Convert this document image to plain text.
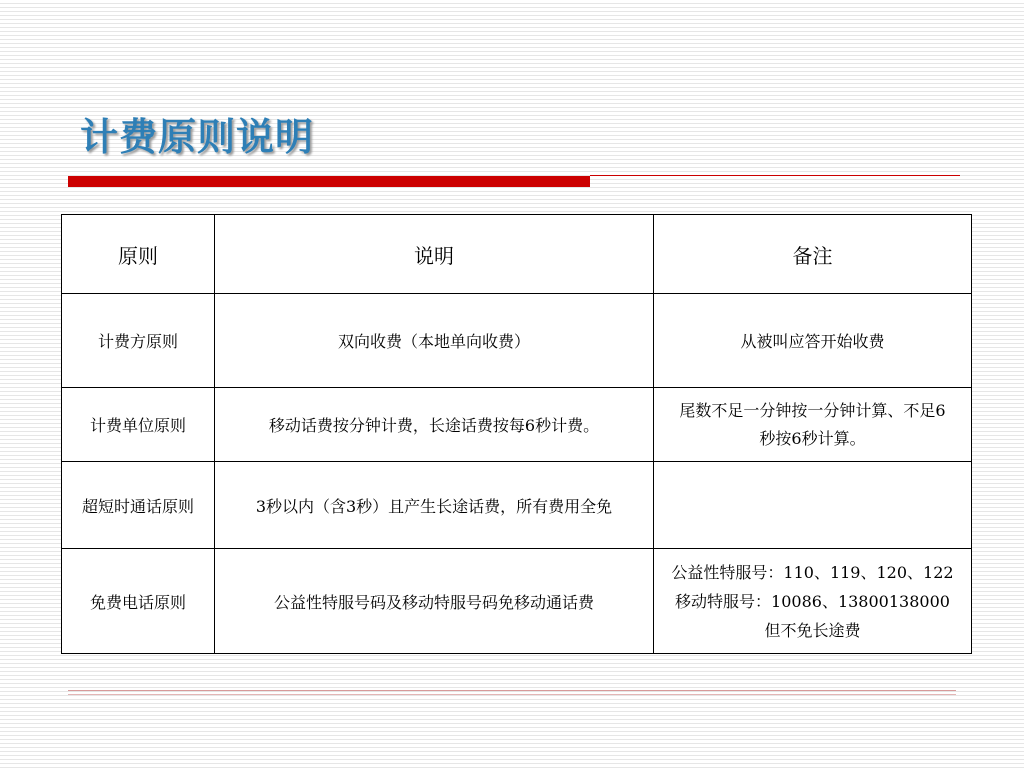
计费原则说明
原则	说明	备注
计费方原则	双向收费（本地单向收费）	从被叫应答开始收费

计费单位原则	移动话费按分钟计费，长途话费按每6秒计费。	尾数不足一分钟按一分钟计算、不足6
秒按6秒计算。

超短时通话原则	3秒以内（含3秒）且产生长途话费，所有费用全免	

免费电话原则	公益性特服号码及移动特服号码免移动通话费	公益性特服号：110、119、120、122
移动特服号：10086、13800138000
但不免长途费
